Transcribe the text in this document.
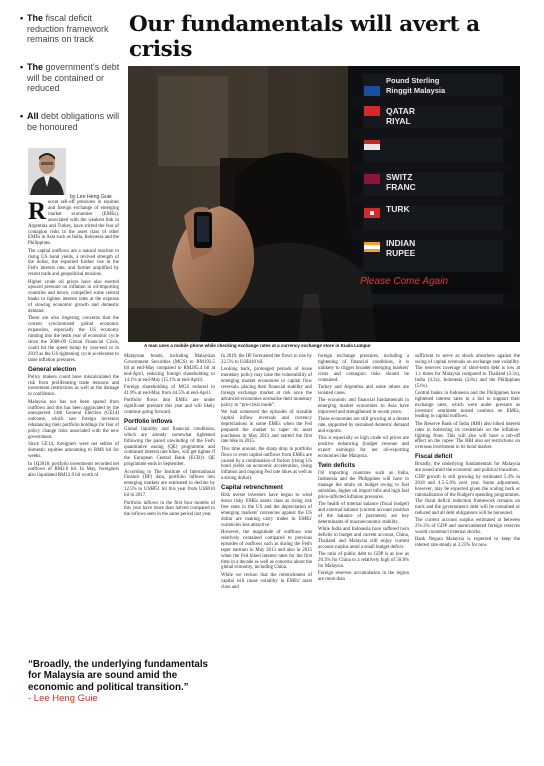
• The fiscal deficit reduction framework remains on track
• The government's debt will be contained or reduced
• All debt obligations will be honoured
Our fundamentals will avert a crisis
by Lee Heng Guie
Pound Sterling
Ringgit Malaysia
QATAR
RIYAL
SWITZ
FRANC
INDIAN
RUPEE
TURK
Please Come Again
A man uses a mobile phone while checking exchange rates at a currency exchange store in Kuala Lumpur

Recent sell-off pressures in equities and foreign exchange of emerging market economies (EMEs), associated with the weakest link in Argentina and Turkey, have stirred the fear of contagion risks in the asset class of other EMEs in Asia such as India, Indonesia and the Philippines.

The capital outflows are a natural reaction to rising US bond yields, a revived strength of the dollar, the expected further rise in the Fed's interest rate, and further amplified by recent trade and geopolitical tensions.

Higher crude oil prices have also exerted upward pressure on inflation in oil-importing countries and hence, compelled some central banks to tighten interest rates at the expense of slowing economic growth and domestic demand.

There are also lingering concerns that the current synchronised global economic expansion, especially the US economy running into the tenth year of economic cycle since the 2008-09 Global Financial Crisis, could hit the speed bump by year-end or in 2019 as the US tightening cycle accelerates to tame inflation pressures.

General election

Policy makers could have miscalculated the risk from proliferating trade tensions and investment restrictions as well as the damage to confidence.

Malaysia too has not been spared from outflows and this has been aggravated by the unexpected 14th General Election (GE14) outcome, which saw foreign investors rebalancing their portfolio holdings for fear of policy change risks associated with the new government.

Since GE14, foreigners were net sellers of domestic equities amounting to RM6 bil for weeks.

In 1Q2018, portfolio investments recorded net outflows of RM2.6 bil. In May, foreigners also liquidated RM12.9 bil worth of

Malaysian bonds, including Malaysian Government Securities (MGS) to RM192.5 bil at end-May compared to RM205.4 bil at end-April, reducing foreign shareholding to 14.1% at end-May (15.1% at end-April).

Foreign shareholding of MGS reduced to 41.9% at end-May from 44.5% at end-April.

Portfolio flows into EMEs are under significant pressure this year and will likely continue going forward.

Portfolio inflows

Global liquidity and financial conditions, which are already somewhat tightened following the paced unwinding of the Fed's quantitative easing (QE) programme and continued interest rate hikes, will get tighter if the European Central Bank (ECB)'s QE programme ends in September.

According to The Institute of International Finance (IIF) data, portfolio inflows into emerging markets are estimated to decline by 12.5% to US$851 bil this year from US$910 bil in 2017.

Portfolio inflows in the first four months of this year have more than halved compared to the inflows seen in the same period last year.

“Broadly, the underlying fundamentals for Malaysia are sound amid the economic and political transition.”
- Lee Heng Guie

In 2019, the IIF forecasted the flows to rise by 22.5% to US$410 bil.

Looking back, prolonged periods of loose monetary policy may raise the vulnerability of emerging market economies to capital flow reversals, placing their financial stability and foreign exchange market at risk once the advanced economies normalise their monetary policy to “pre-crisis mode”.

We had witnessed the episodes of sizeable capital inflow reversals and currency depreciations in some EMEs when the Fed prepared the market to taper its asset purchases in May 2013 and started the first rate hike in 2015.

This time around, the sharp drop in portfolio flows or even capital outflows from EMEs are caused by a combination of factors (rising US bond yields on economic acceleration, rising inflation and ongoing Fed rate hikes as well as a strong dollar).

Capital retrenchment

Risk averse investors have begun to wind down risky EMEs assets class as rising risk free rates in the US and the depreciation of emerging markets' currencies against the US dollar are making carry trades in EMEs' currencies less attractive.

However, the magnitude of outflows was relatively contained compared to previous episodes of outflows such as during the Fed's taper tantrum in May 2013 and also in 2015 when the Fed hiked interest rates for the first time in a decade as well as concerns about the global economy, including China.

While we reckon that the retrenchment of capital will cause volatility in EMEs' asset class and

foreign exchange pressures, including a tightening of financial conditions, it is unlikely to trigger broader emerging markets' crisis and contagion risks should be contained.

Turkey and Argentina and some others are isolated cases.

The economic and financial fundamentals in emerging market economies in Asia have improved and strengthened in recent years.

These economies are still growing at a decent rate, supported by sustained domestic demand and exports.

This is especially as high crude oil prices are positive enhancing (budget revenue and export earnings) for net oil-exporting economies like Malaysia.

Twin deficits

Oil importing countries such as India, Indonesia and the Philippines will have to manage the strain on budget owing to fuel subsidies, higher oil import bills and high fuel price-inflicted inflation pressures.

The health of internal balance (fiscal budget) and external balance (current account position of the balance of payments) are key determinants of macroeconomic stability.

While India and Indonesia have suffered twin deficits in budget and current account, China, Thailand and Malaysia still enjoy current account surplus amid a small budget deficit.

The ratio of public debt to GDP is as low as 20.3% for China to a relatively high of 50.8% for Malaysia.

Foreign reserves accumulation in the region are more than

sufficient to serve as shock absorbers against the swing of capital reversals on exchange rate volatility. The reserves coverage of short-term debt is low at 1.1 times for Malaysia compared to Thailand (3.3x), India (4.3x), Indonesia (2.8x) and the Philippines (5.6x).

Central banks in Indonesia and the Philippines have tightened interest rates in a bid to support their exchange rates, which were under pressure as investors' sentiment turned cautious on EMEs, leading to capital outflows.

The Reserve Bank of India (RBI) also hiked interest rates in bolstering its credentials on the inflation-fighting front. This will also will have a rub-off effect on the rupee. The RBI also set restrictions on overseas investment in its bond market.

Fiscal deficit

Broadly, the underlying fundamentals for Malaysia are sound amid the economic and political transition.

GDP growth is still growing by estimated 5.4% in 2018 and 4.5-5.0% next year. Some adjustment, however, may be expected given the scaling back or rationalisation of the Budget's spending programmes. The fiscal deficit reduction framework remains on track and the government's debt will be contained or reduced and all debt obligations will be honoured.

The current account surplus estimated at between 2%-3% of GDP and unencumbered foreign reserves would counteract external shocks.

Bank Negara Malaysia is expected to keep the interest rate steady at 3.25% for now.
